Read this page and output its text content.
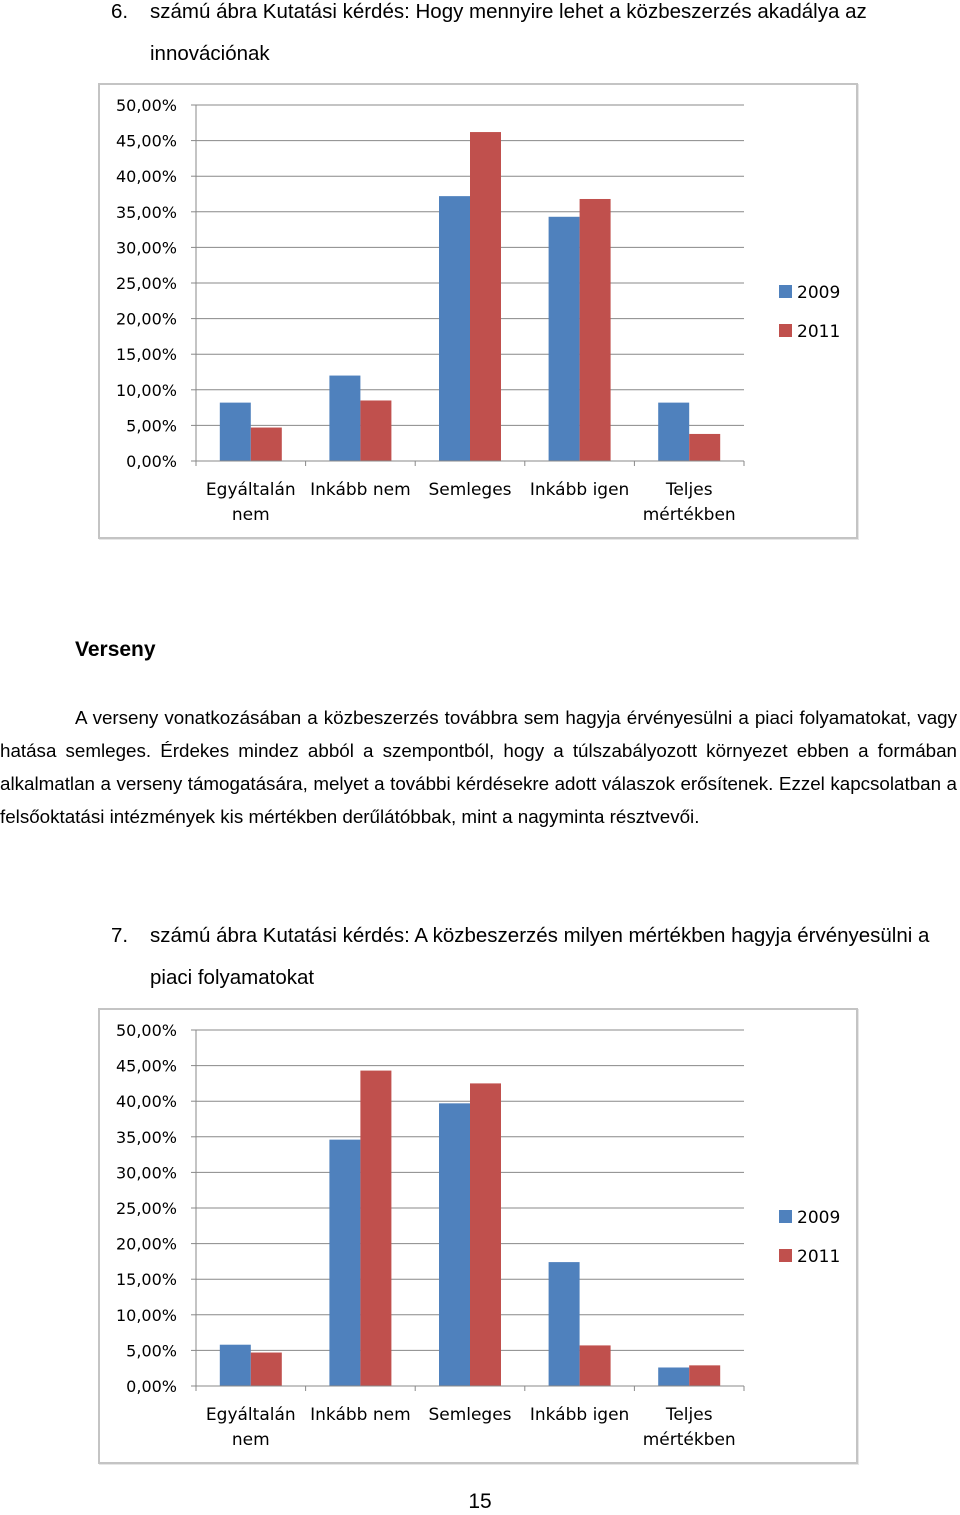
6. számú ábra Kutatási kérdés: Hogy mennyire lehet a közbeszerzés akadálya az
innovációnak
0,00%
5,00%
10,00%
15,00%
20,00%
25,00%
30,00%
35,00%
40,00%
45,00%
50,00%
Egyáltalán
nem
Inkább nem Semleges Inkább igen Teljes
mértékben
2009
2011
Verseny
A verseny vonatkozásában a közbeszerzés továbbra sem hagyja érvényesülni a piaci folyamatokat, vagy hatása semleges. Érdekes mindez abból a szempontból, hogy a túlszabályozott környezet ebben a formában alkalmatlan a verseny támogatására, melyet a további kérdésekre adott válaszok erősítenek. Ezzel kapcsolatban a felsőoktatási intézmények kis mértékben derűlátóbbak, mint a nagyminta résztvevői.
7. számú ábra Kutatási kérdés: A közbeszerzés milyen mértékben hagyja érvényesülni a
piaci folyamatokat
0,00%
5,00%
10,00%
15,00%
20,00%
25,00%
30,00%
35,00%
40,00%
45,00%
50,00%
Egyáltalán
nem
Inkább nem Semleges Inkább igen Teljes
mértékben
2009
2011
15
